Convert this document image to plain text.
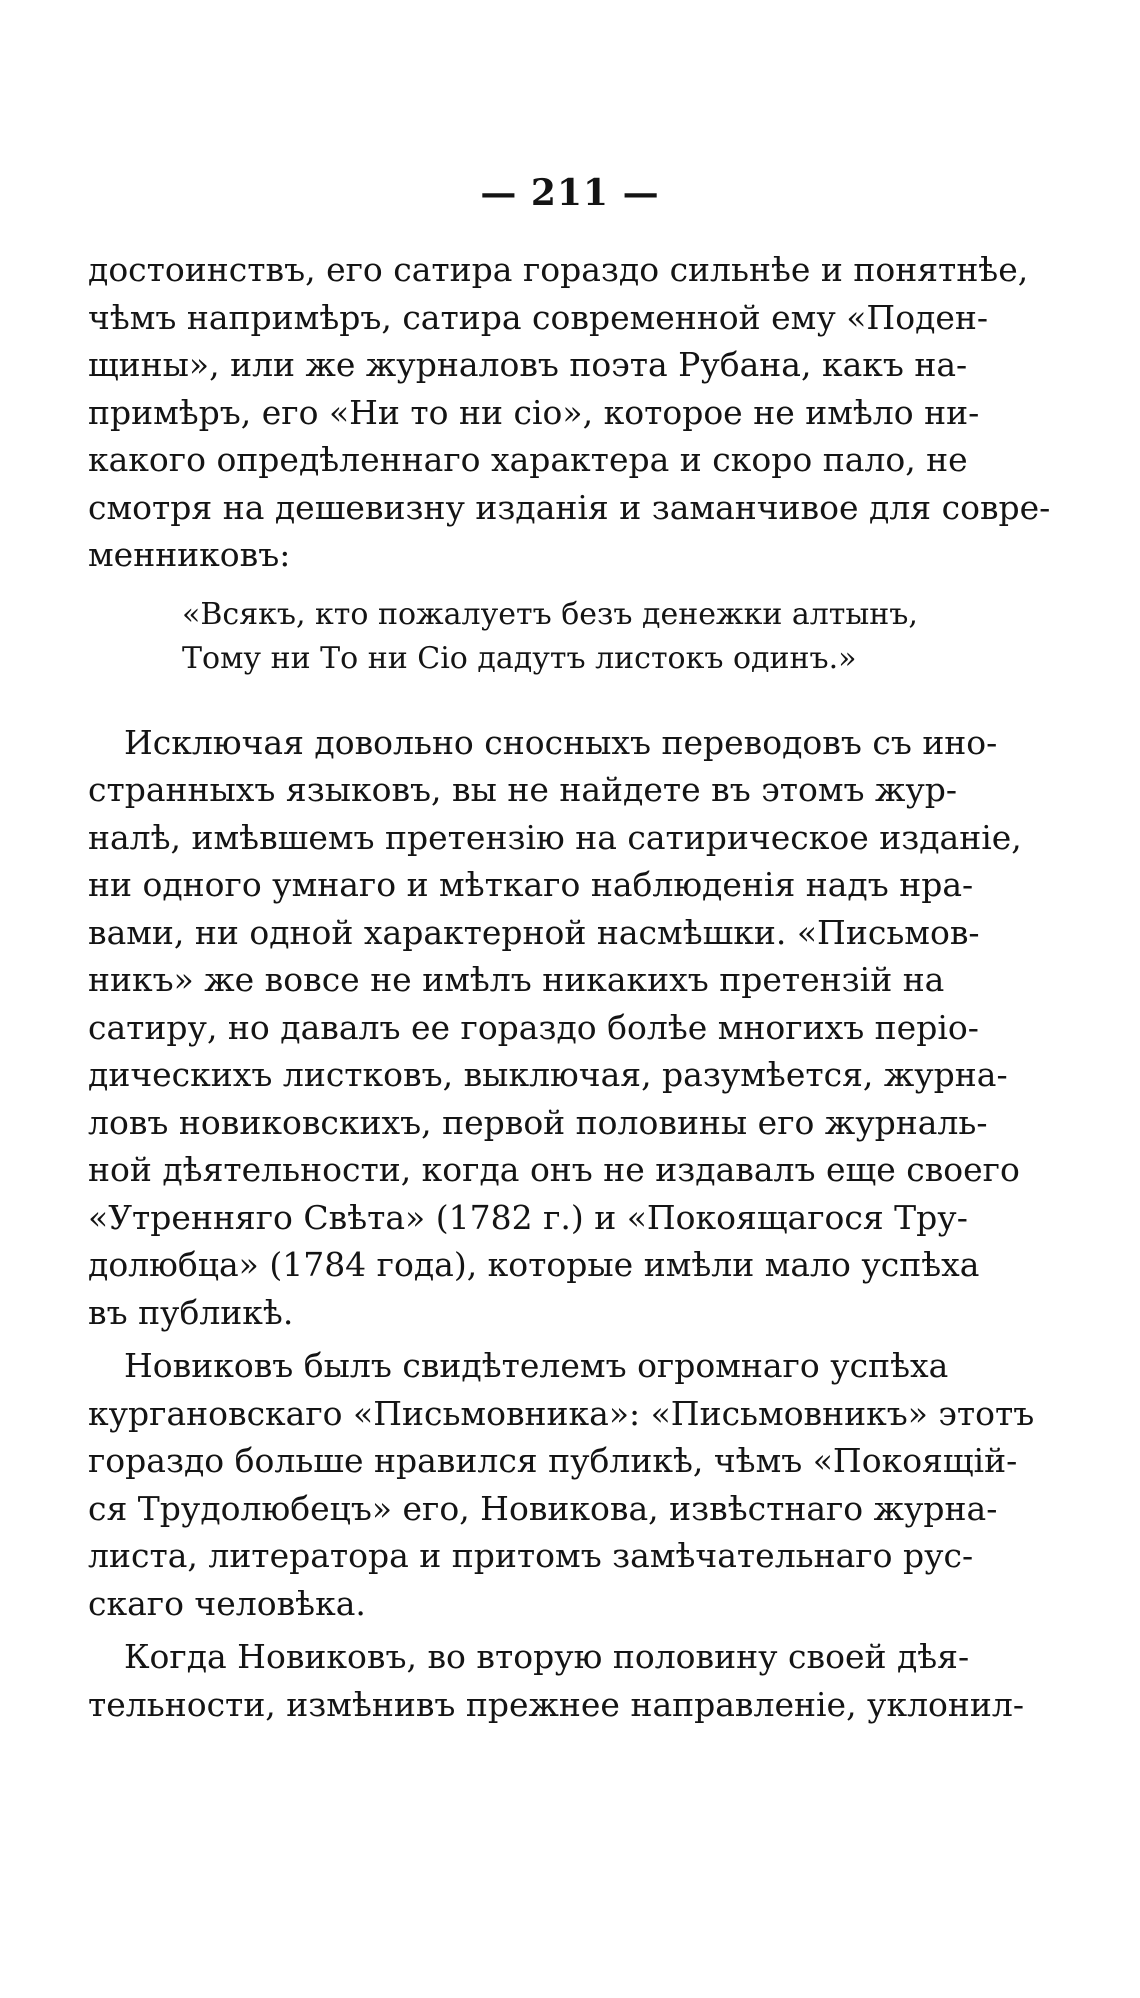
— 211 —
достоинствъ, его сатира гораздо сильнѣе и понятнѣе,
чѣмъ напримѣръ, сатира современной ему «Поден-
щины», или же журналовъ поэта Рубана, какъ на-
примѣръ, его «Ни то ни сіо», которое не имѣло ни-
какого опредѣленнаго характера и скоро пало, не
смотря на дешевизну изданія и заманчивое для совре-
менниковъ:
«Всякъ, кто пожалуетъ безъ денежки алтынъ,
Тому ни То ни Сіо дадутъ листокъ одинъ.»
Исключая довольно сносныхъ переводовъ съ ино-
странныхъ языковъ, вы не найдете въ этомъ жур-
налѣ, имѣвшемъ претензію на сатирическое изданіе,
ни одного умнаго и мѣткаго наблюденія надъ нра-
вами, ни одной характерной насмѣшки. «Письмов-
никъ» же вовсе не имѣлъ никакихъ претензій на
сатиру, но давалъ ее гораздо болѣе многихъ перiо-
дическихъ листковъ, выключая, разумѣется, журна-
ловъ новиковскихъ, первой половины его журналь-
ной дѣятельности, когда онъ не издавалъ еще своего
«Утренняго Свѣта» (1782 г.) и «Покоящагося Тру-
долюбца» (1784 года), которые имѣли мало успѣха
въ публикѣ.
Новиковъ былъ свидѣтелемъ огромнаго успѣха
кургановскаго «Письмовника»: «Письмовникъ» этотъ
гораздо больше нравился публикѣ, чѣмъ «Покоящій-
ся Трудолюбецъ» его, Новикова, извѣстнаго журна-
листа, литератора и притомъ замѣчательнаго рус-
скаго человѣка.
Когда Новиковъ, во вторую половину своей дѣя-
тельности, измѣнивъ прежнее направленіе, уклонил-
